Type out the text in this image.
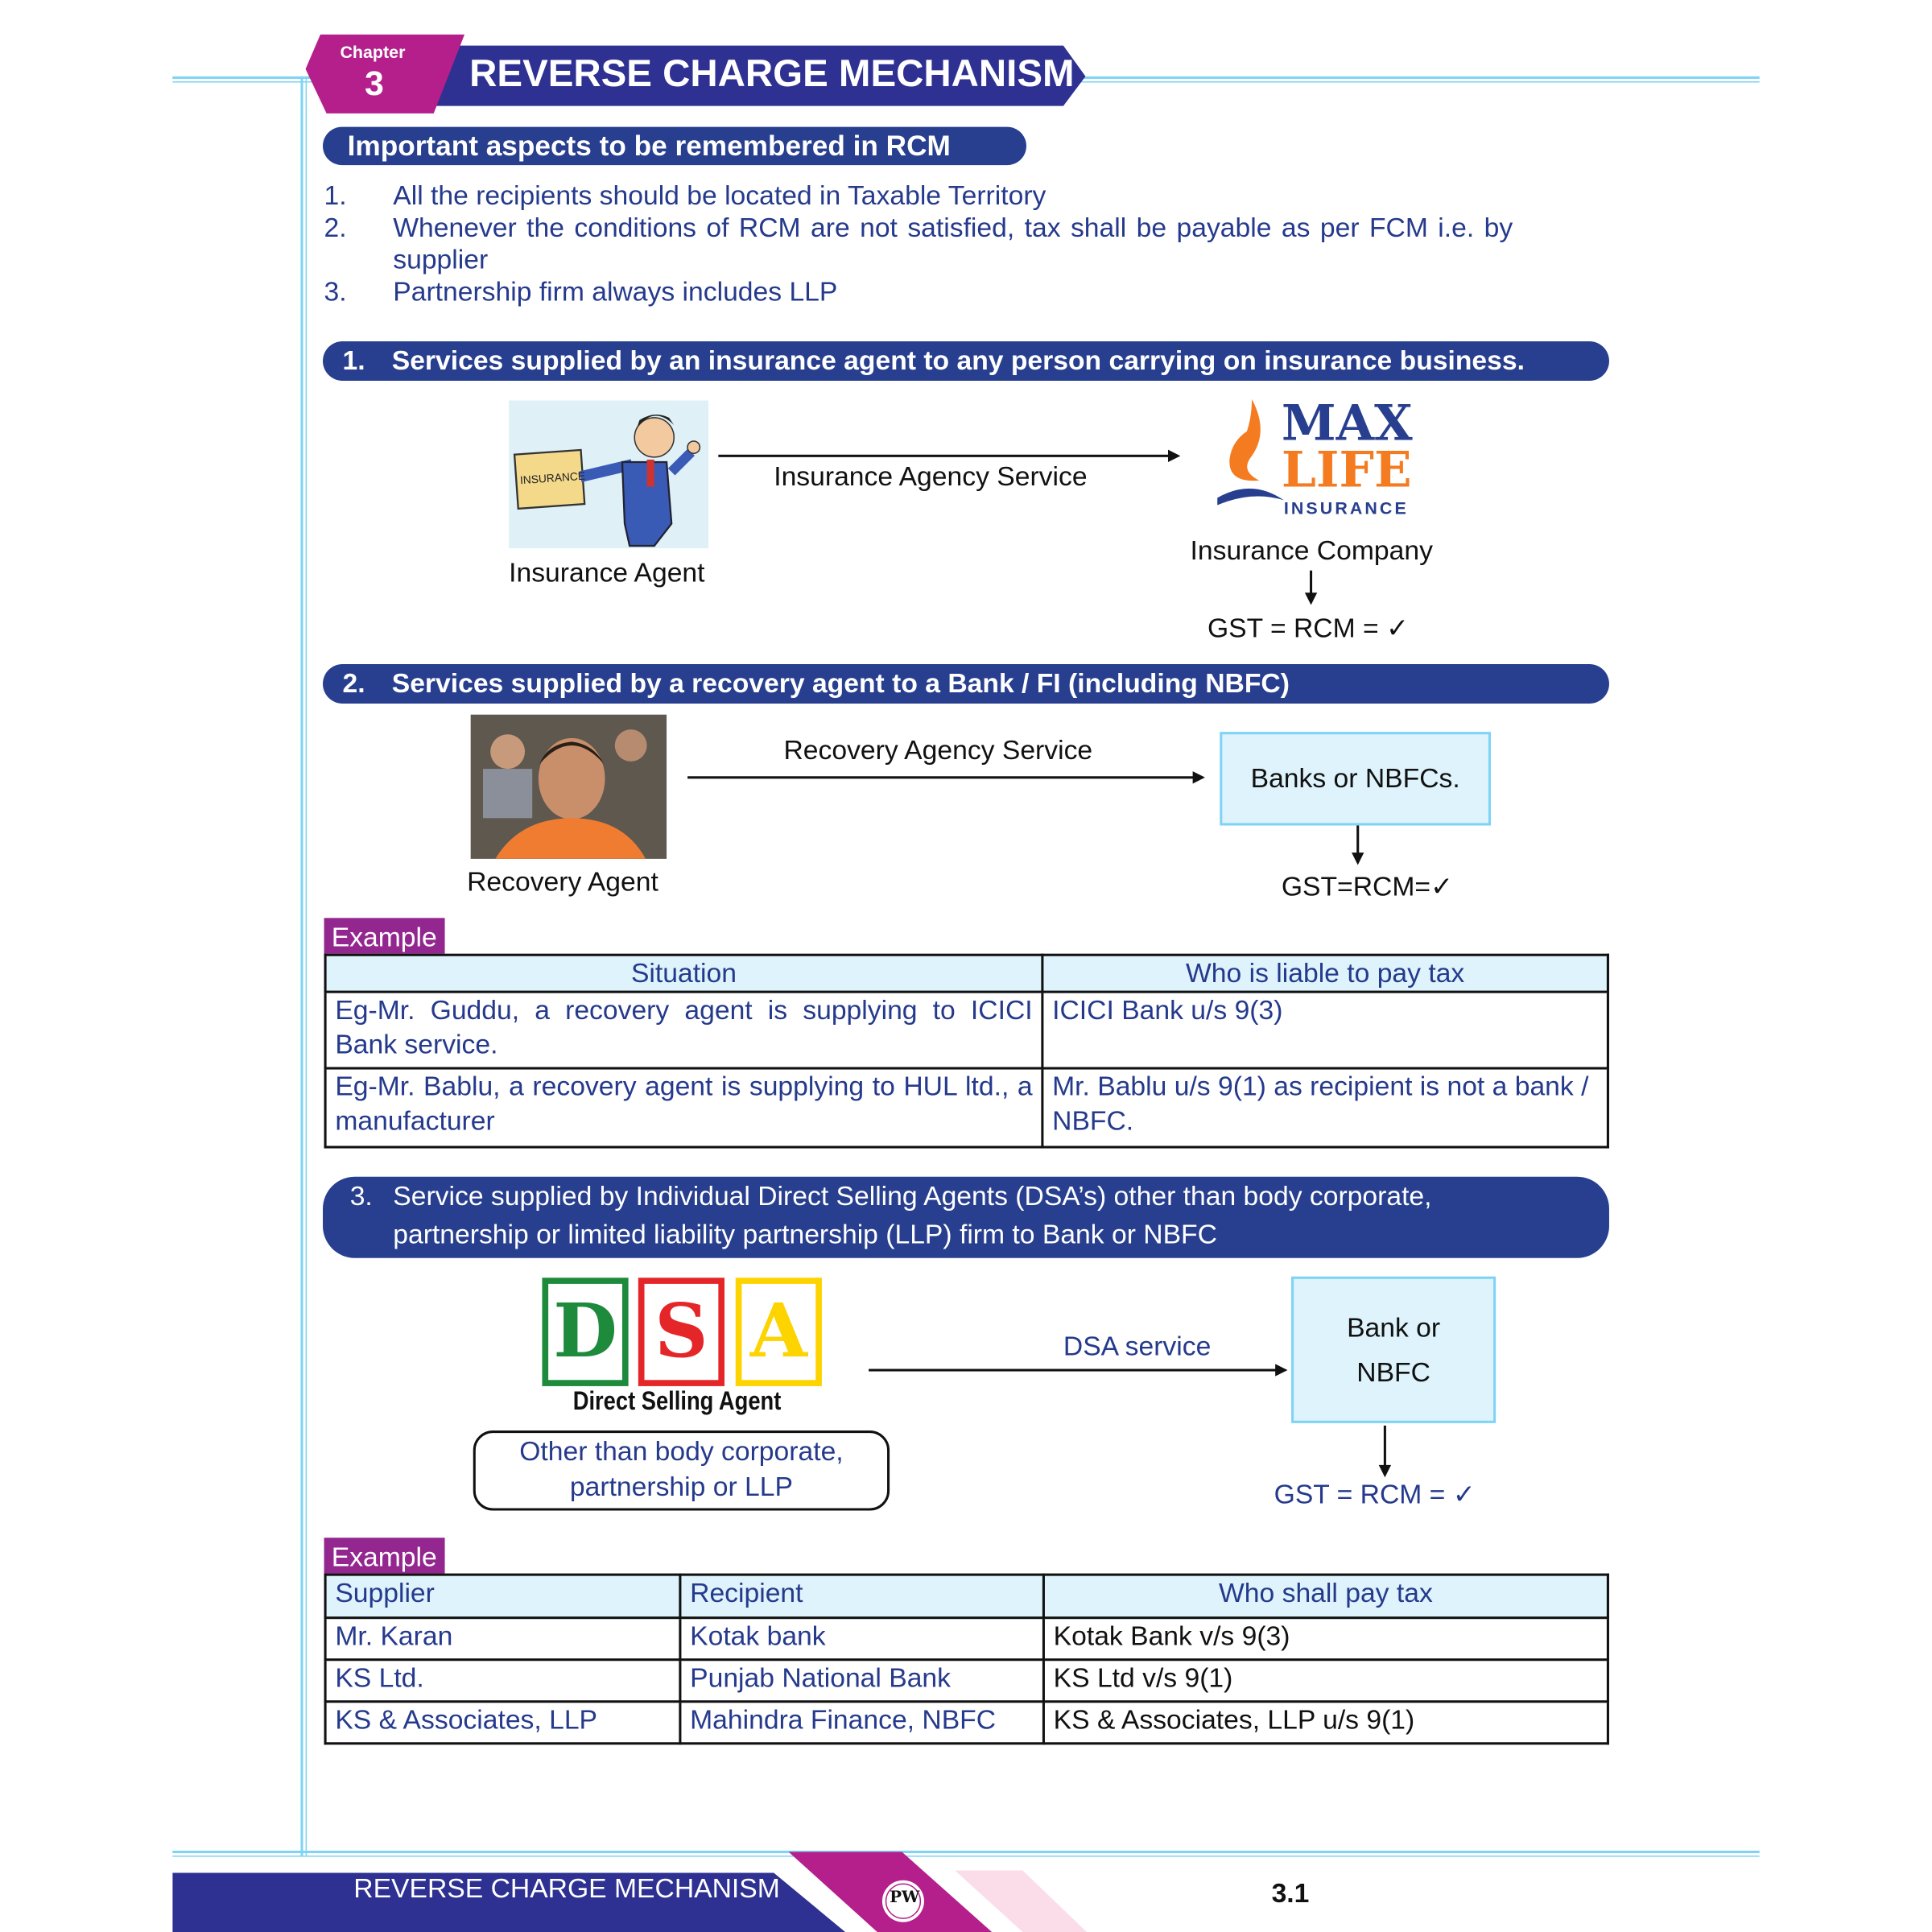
Chapter
3	REVERSE CHARGE MECHANISM
Important aspects to be remembered in RCM
1.	All the recipients should be located in Taxable Territory
2.	Whenever the conditions of RCM are not satisfied, tax shall be payable as per FCM i.e. by
supplier
3.	Partnership firm always includes LLP
1. Services supplied by an insurance agent to any person carrying on insurance business.
INSURANCE
Insurance Agent
Insurance Agency Service
MAX
LIFE
INSURANCE
Insurance Company
GST = RCM = ✓
2. Services supplied by a recovery agent to a Bank / FI (including NBFC)
Recovery Agent
Recovery Agency Service
Banks or NBFCs.
GST=RCM=✓
Example
Situation	Who is liable to pay tax
Eg-Mr. Guddu, a recovery agent is supplying to ICICI Bank service.	ICICI Bank u/s 9(3)
Eg-Mr. Bablu, a recovery agent is supplying to HUL ltd., a manufacturer	Mr. Bablu u/s 9(1) as recipient is not a bank / NBFC.
3. Service supplied by Individual Direct Selling Agents (DSA’s) other than body corporate,
partnership or limited liability partnership (LLP) firm to Bank or NBFC
D S A
Direct Selling Agent
Other than body corporate,
partnership or LLP
DSA service
Bank or
NBFC
GST = RCM = ✓
Example
Supplier	Recipient	Who shall pay tax
Mr. Karan	Kotak bank	Kotak Bank v/s 9(3)
KS Ltd.	Punjab National Bank	KS Ltd v/s 9(1)
KS & Associates, LLP	Mahindra Finance, NBFC	KS & Associates, LLP u/s 9(1)
REVERSE CHARGE MECHANISM	PW	3.1
